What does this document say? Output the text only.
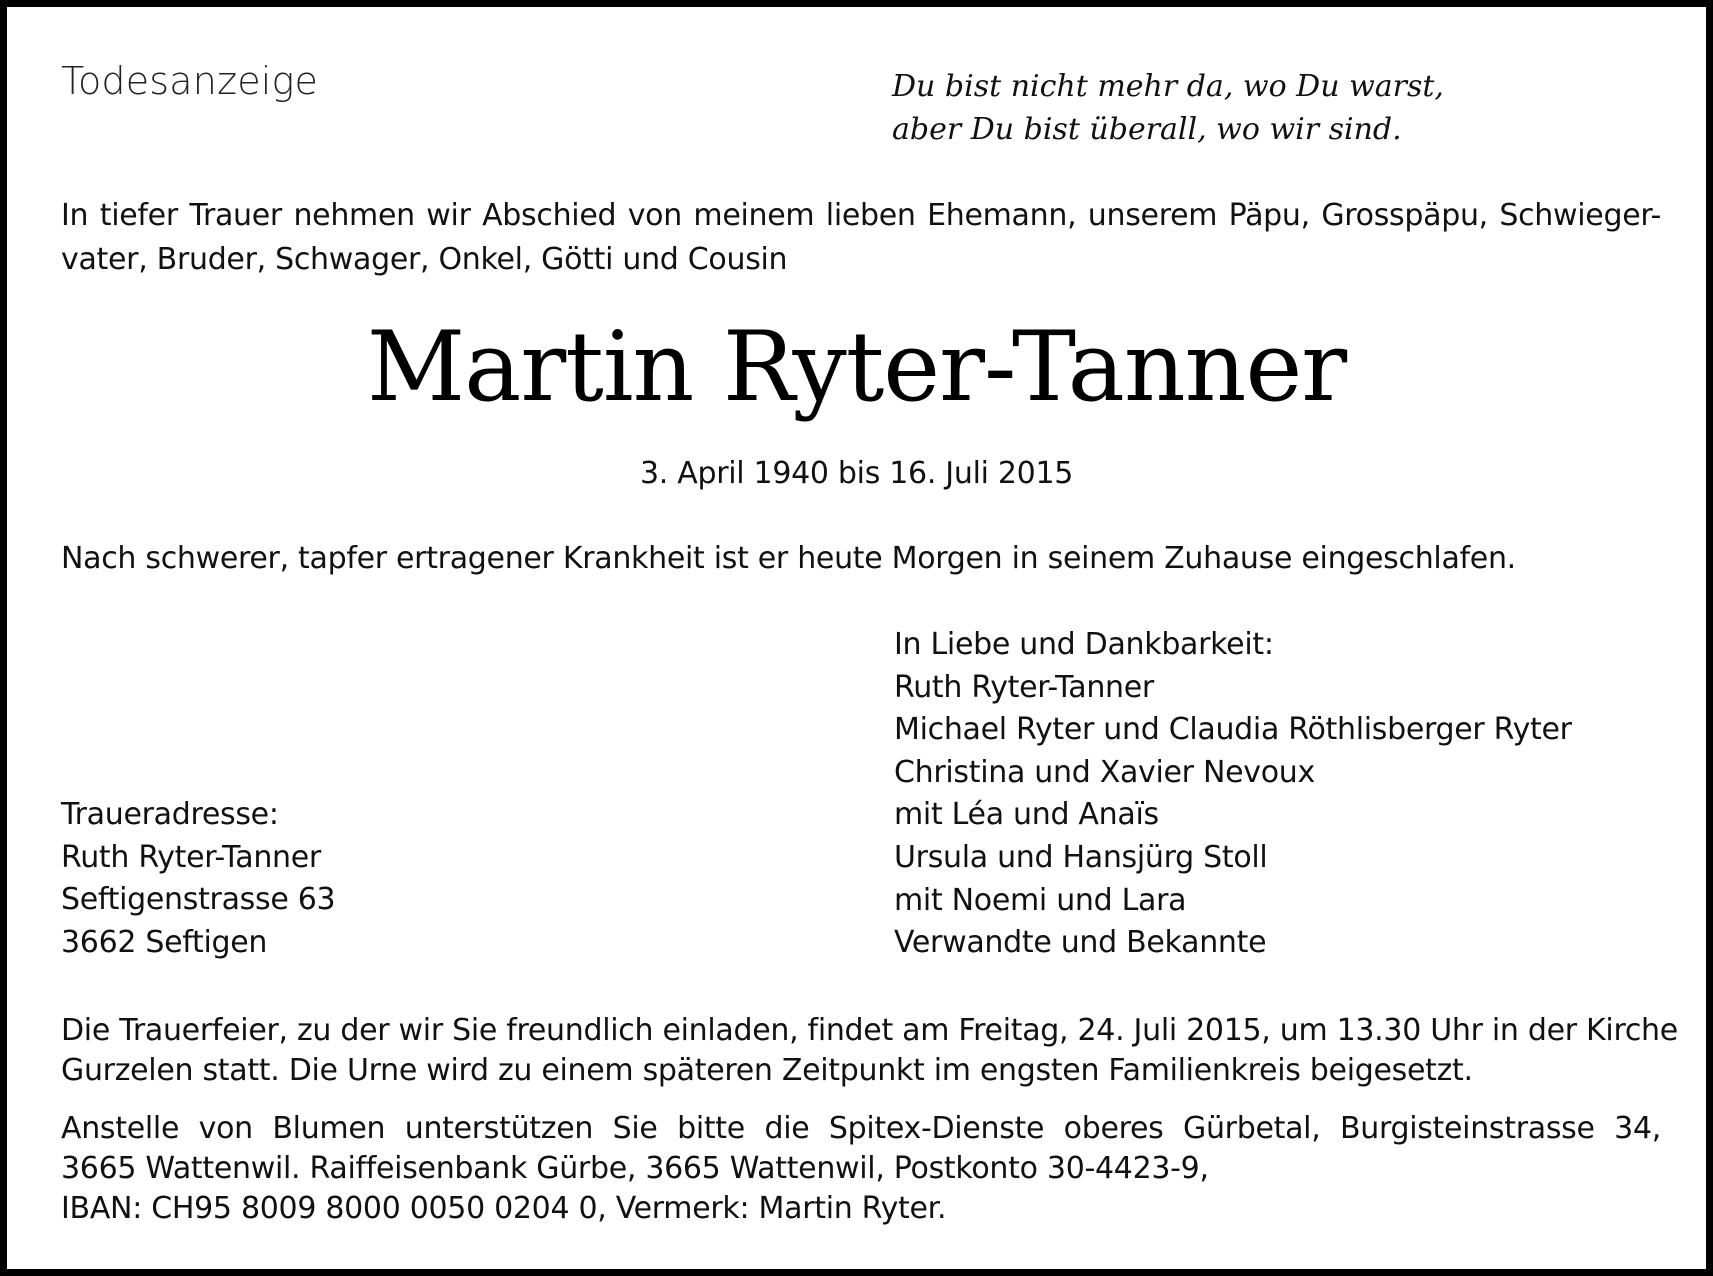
Todesanzeige	Du bist nicht mehr da, wo Du warst,
aber Du bist überall, wo wir sind.
In tiefer Trauer nehmen wir Abschied von meinem lieben Ehemann, unserem Päpu, Grosspäpu, Schwieger-
vater, Bruder, Schwager, Onkel, Götti und Cousin
Martin Ryter-Tanner
3. April 1940 bis 16. Juli 2015
Nach schwerer, tapfer ertragener Krankheit ist er heute Morgen in seinem Zuhause eingeschlafen.
In Liebe und Dankbarkeit:
Ruth Ryter-Tanner
Michael Ryter und Claudia Röthlisberger Ryter
Christina und Xavier Nevoux
mit Léa und Anaïs
Ursula und Hansjürg Stoll
mit Noemi und Lara
Verwandte und Bekannte
Traueradresse:
Ruth Ryter-Tanner
Seftigenstrasse 63
3662 Seftigen
Die Trauerfeier, zu der wir Sie freundlich einladen, findet am Freitag, 24. Juli 2015, um 13.30 Uhr in der Kirche
Gurzelen statt. Die Urne wird zu einem späteren Zeitpunkt im engsten Familienkreis beigesetzt.
Anstelle von Blumen unterstützen Sie bitte die Spitex-Dienste oberes Gürbetal, Burgisteinstrasse 34,
3665 Wattenwil. Raiffeisenbank Gürbe, 3665 Wattenwil, Postkonto 30-4423-9,
IBAN: CH95 8009 8000 0050 0204 0, Vermerk: Martin Ryter.
